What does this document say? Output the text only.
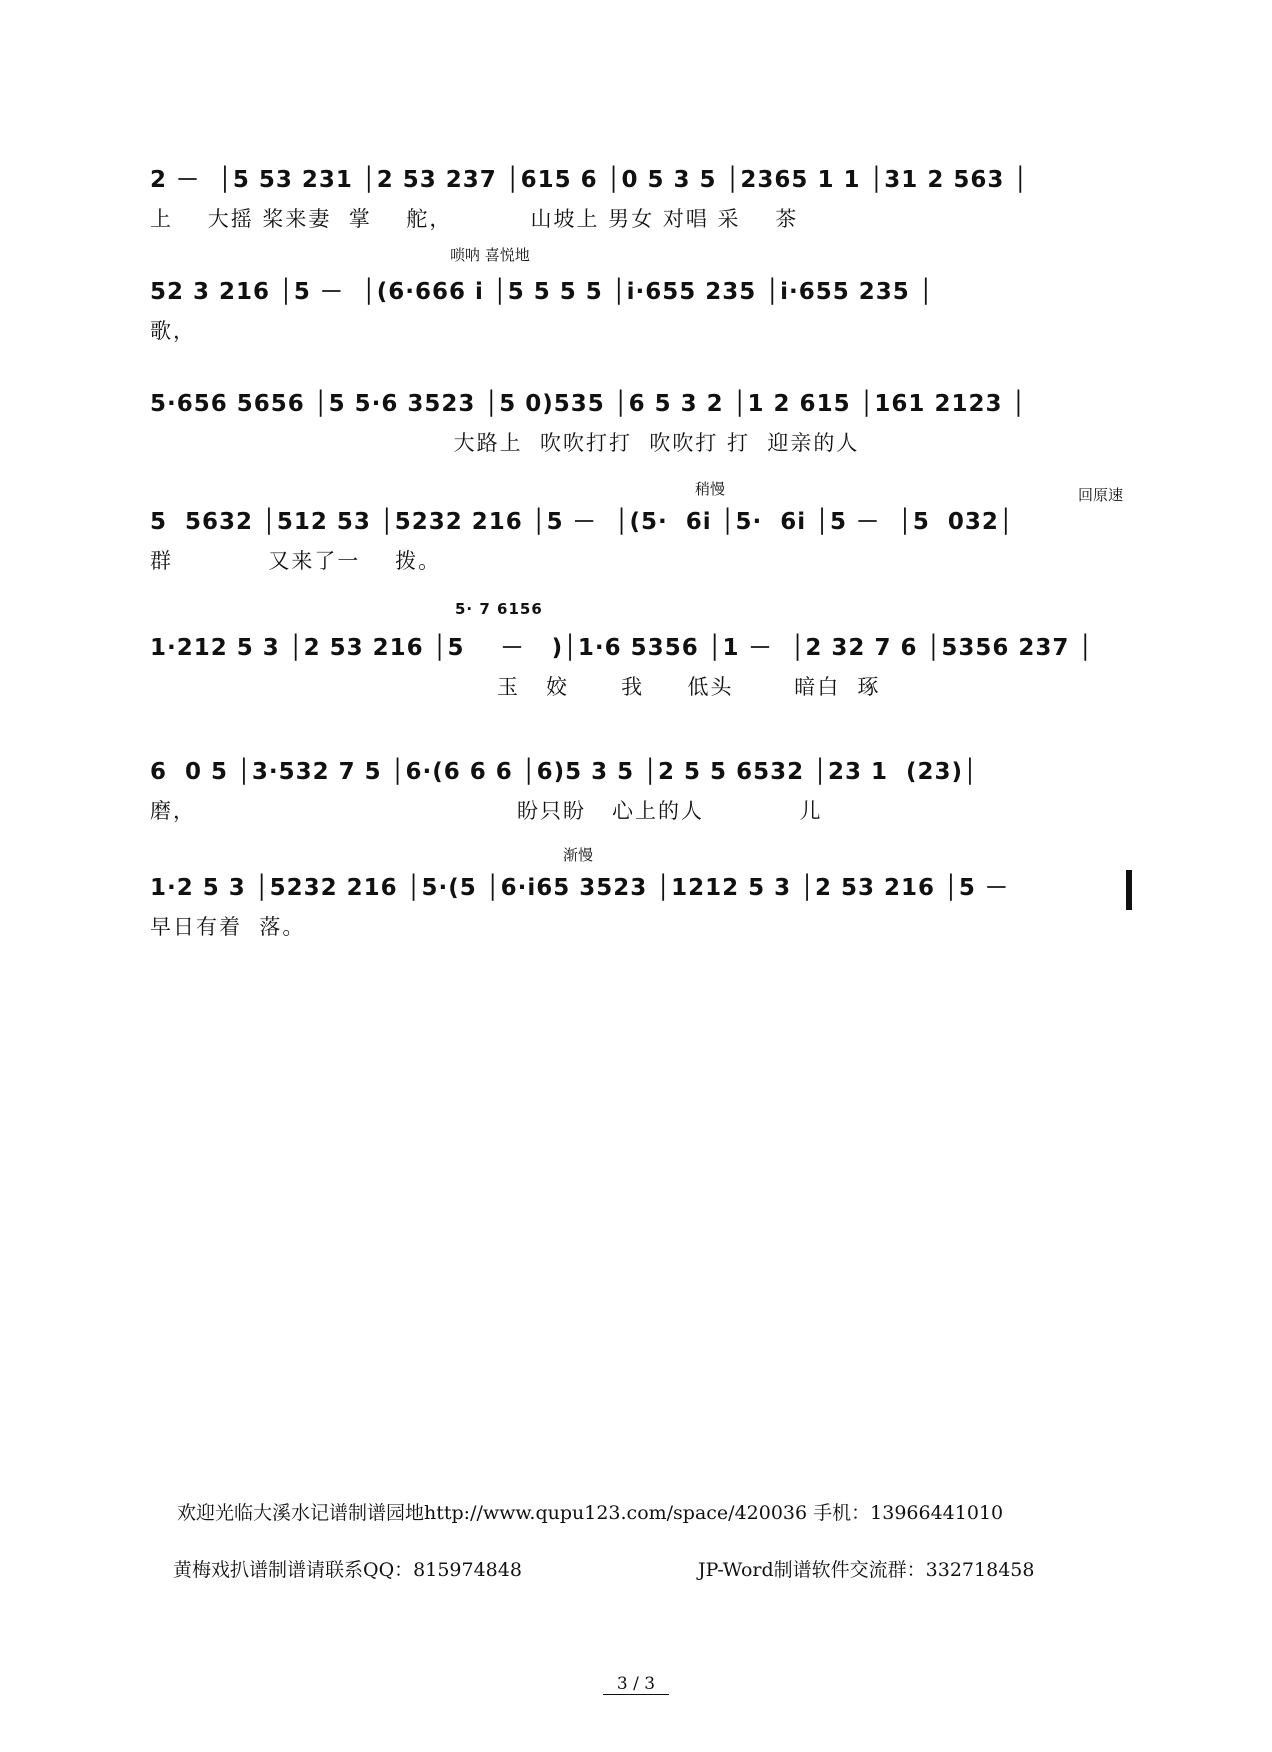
2 －  │5 53 231 │2 53 237 │615 6 │0 5 3 5 │2365 1 1 │31 2 563 │
上    大摇 桨来妻  掌    舵，         山坡上 男女 对唱 采    茶
唢呐 喜悦地
52 3 216 │5 －  │(6·666 i │5 5 5 5 │i·655 235 │i·655 235 │
歌，
5·656 5656 │5 5·6 3523 │5 0)535 │6 5 3 2 │1 2 615 │161 2123 │
大路上  吹吹打打  吹吹打 打  迎亲的人
稍慢	回原速
5  5632 │512 53 │5232 216 │5 －  │(5·  6i │5·  6i │5 －  │5  032│
群           又来了一    拨。
5· 7 6156
1·212 5 3 │2 53 216 │5    －   )│1·6 5356 │1 －  │2 32 7 6 │5356 237 │
玉   姣      我     低头       暗白  琢
6  0 5 │3·532 7 5 │6·(6 6 6 │6)5 3 5 │2 5 5 6532 │23 1  (23)│
磨，                                     盼只盼   心上的人           儿
渐慢
1·2 5 3 │5232 216 │5·(5 │6·i65 3523 │1212 5 3 │2 53 216 │5 －
早日有着  落。
欢迎光临大溪水记谱制谱园地http://www.qupu123.com/space/420036 手机：13966441010
黄梅戏扒谱制谱请联系QQ：815974848	JP-Word制谱软件交流群：332718458
3 / 3
